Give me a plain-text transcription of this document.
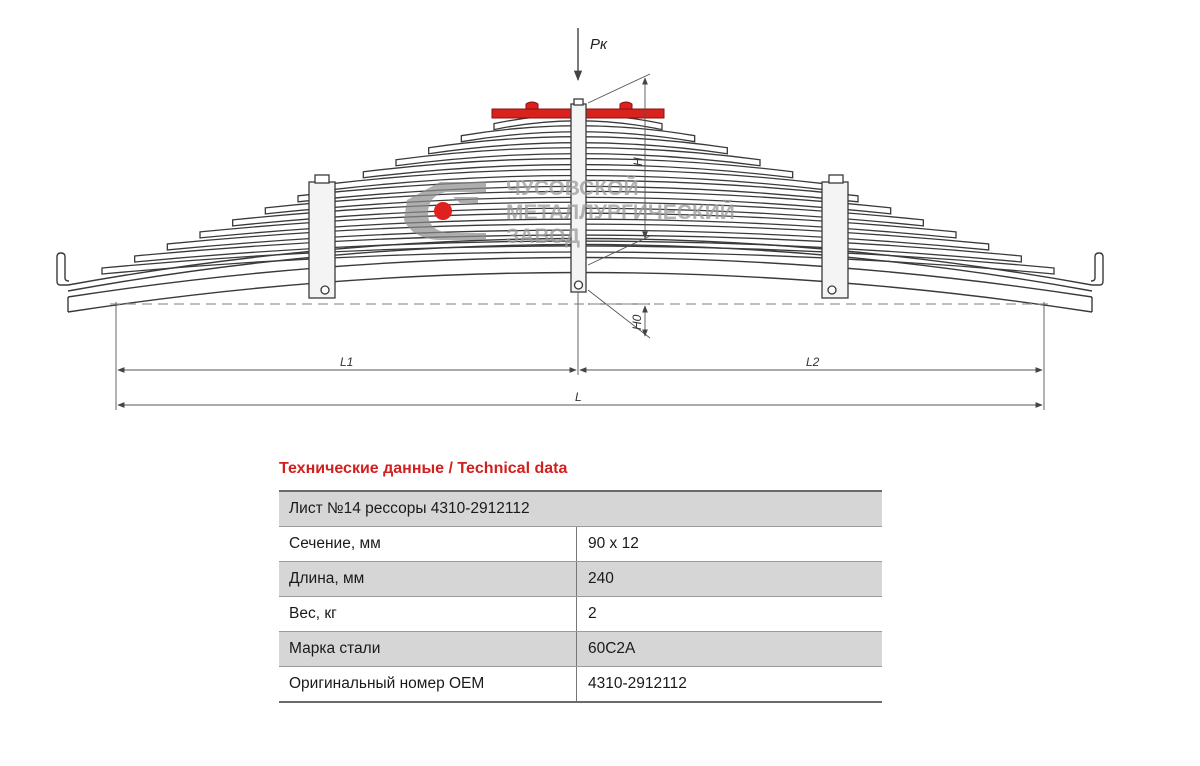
Pк
H
H0
L1	L2
L
ЧУСОВСКОЙ
МЕТАЛЛУРГИЧЕСКИЙ
ЗАВОД
Технические данные / Technical data
Лист №14 рессоры 4310-2912112	
Сечение, мм	90 x 12
Длина, мм	240
Вес, кг	2
Марка стали	60С2А
Оригинальный номер OEM	4310-2912112
